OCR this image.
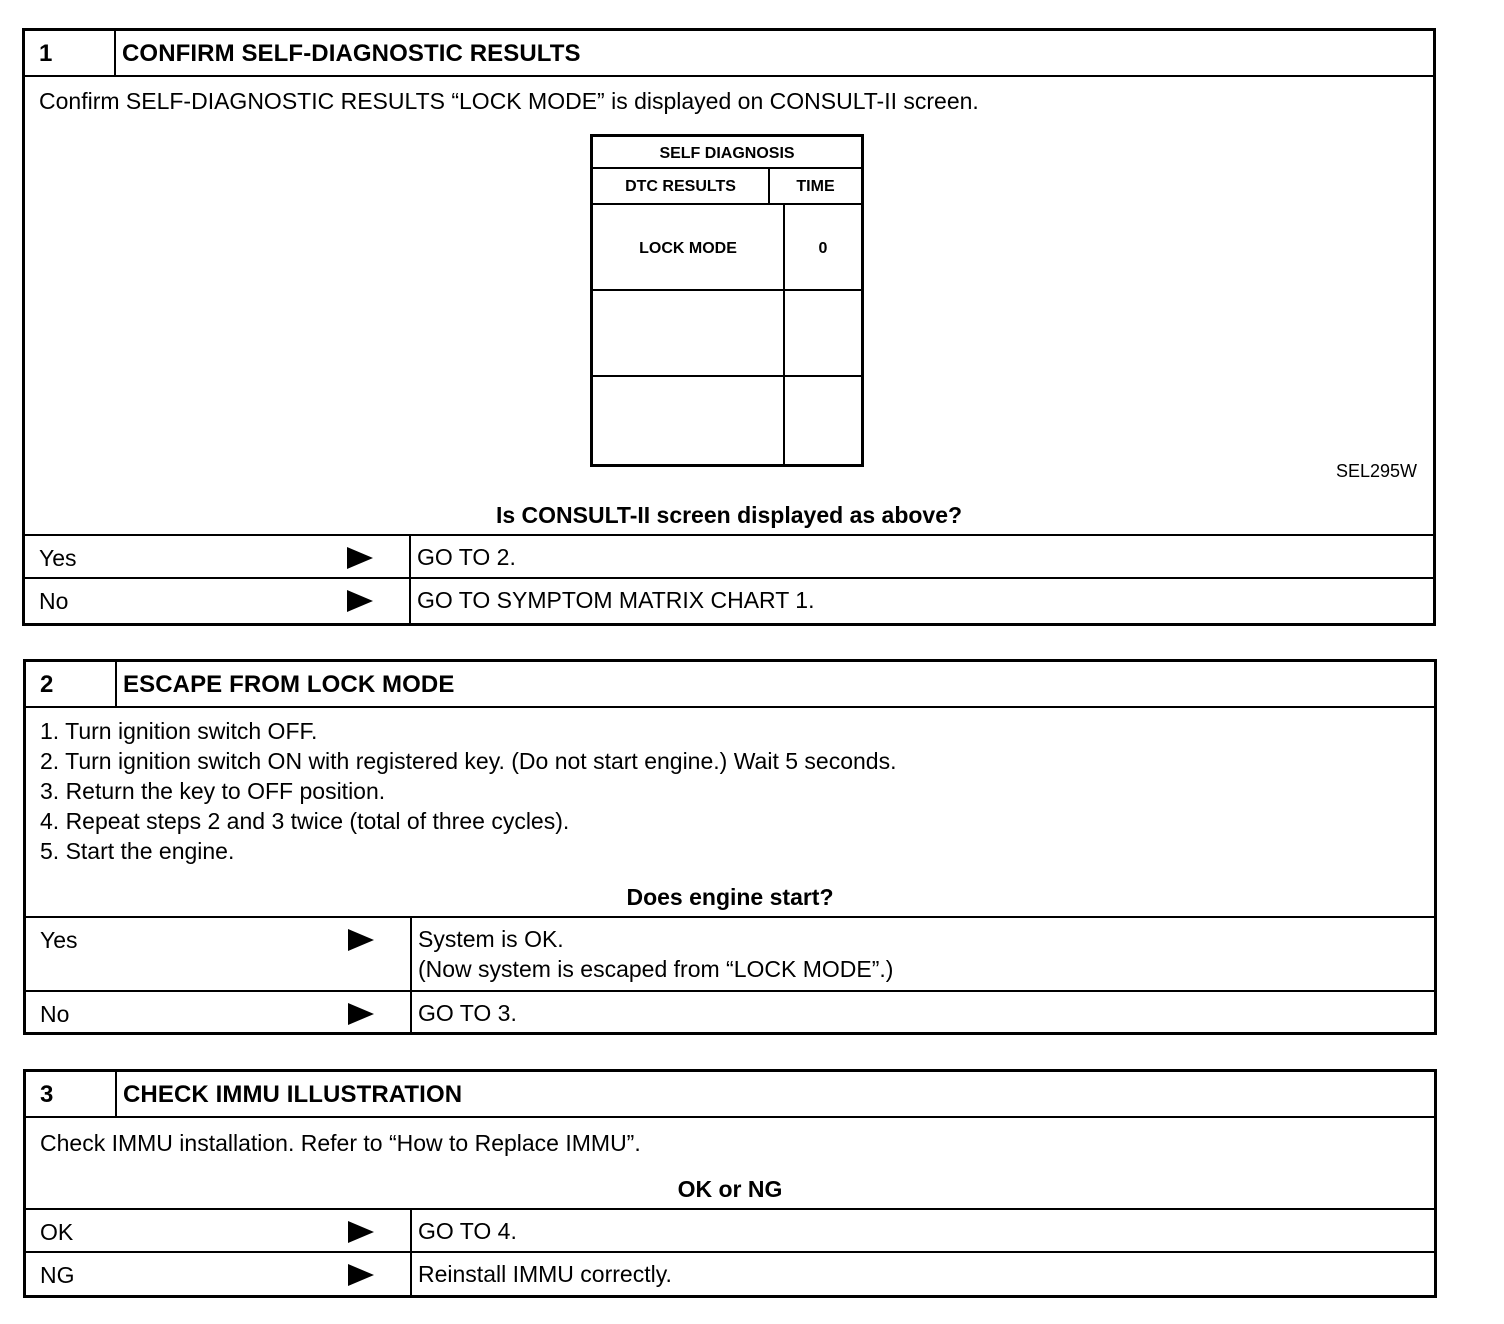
1	CONFIRM SELF-DIAGNOSTIC RESULTS
Confirm SELF-DIAGNOSTIC RESULTS “LOCK MODE” is displayed on CONSULT-II screen.
SELF DIAGNOSIS
DTC RESULTS	TIME
LOCK MODE	0
SEL295W
Is CONSULT-II screen displayed as above?
Yes	GO TO 2.
No	GO TO SYMPTOM MATRIX CHART 1.
2	ESCAPE FROM LOCK MODE
1. Turn ignition switch OFF.
2. Turn ignition switch ON with registered key. (Do not start engine.) Wait 5 seconds.
3. Return the key to OFF position.
4. Repeat steps 2 and 3 twice (total of three cycles).
5. Start the engine.
Does engine start?
Yes	System is OK.
(Now system is escaped from “LOCK MODE”.)
No	GO TO 3.
3	CHECK IMMU ILLUSTRATION
Check IMMU installation. Refer to “How to Replace IMMU”.
OK or NG
OK	GO TO 4.
NG	Reinstall IMMU correctly.
